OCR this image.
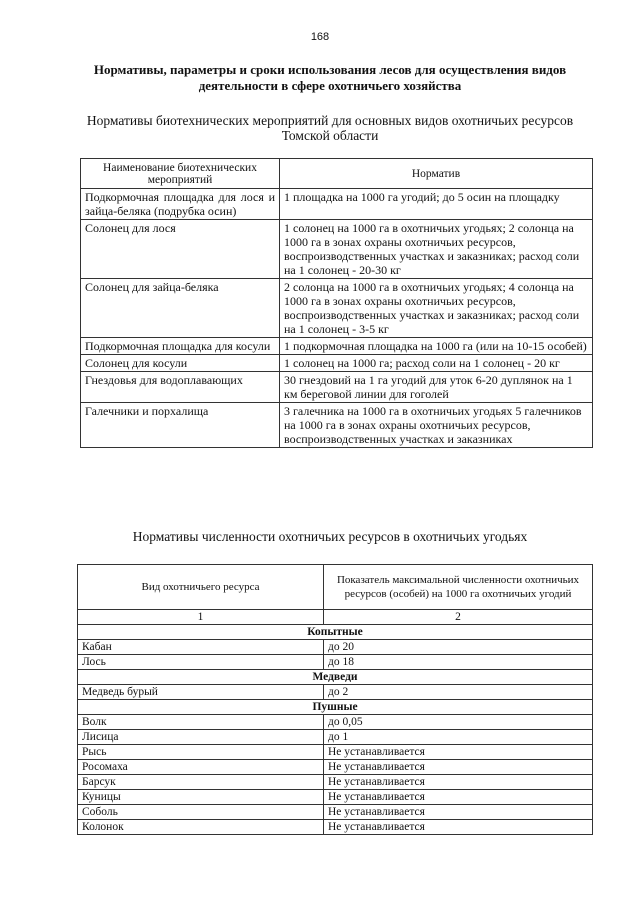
168
Нормативы, параметры и сроки использования лесов для осуществления видов деятельности в сфере охотничьего хозяйства
Нормативы биотехнических мероприятий для основных видов охотничьих ресурсов Томской области
Наименование биотехнических мероприятий	Норматив
Подкормочная площадка для лося и зайца-беляка (подрубка осин)	1 площадка на 1000 га угодий; до 5 осин на площадку
Солонец для лося	1 солонец на 1000 га в охотничьих угодьях; 2 солонца на 1000 га в зонах охраны охотничьих ресурсов, воспроизводственных участках и заказниках; расход соли на 1 солонец - 20-30 кг
Солонец для зайца-беляка	2 солонца на 1000 га в охотничьих угодьях; 4 солонца на 1000 га в зонах охраны охотничьих ресурсов, воспроизводственных участках и заказниках; расход соли на 1 солонец - 3-5 кг
Подкормочная площадка для косули	1 подкормочная площадка на 1000 га (или на 10-15 особей)
Солонец для косули	1 солонец на 1000 га; расход соли на 1 солонец - 20 кг
Гнездовья для водоплавающих	30 гнездовий на 1 га угодий для уток 6-20 дуплянок на 1 км береговой линии для гоголей
Галечники и порхалища	3 галечника на 1000 га в охотничьих угодьях 5 галечников на 1000 га в зонах охраны охотничьих ресурсов, воспроизводственных участках и заказниках
Нормативы численности охотничьих ресурсов в охотничьих угодьях
Вид охотничьего ресурса	Показатель максимальной численности охотничьих ресурсов (особей) на 1000 га охотничьих угодий
1	2
Копытные	
Кабан	до 20
Лось	до 18
Медведи	
Медведь бурый	до 2
Пушные	
Волк	до 0,05
Лисица	до 1
Рысь	Не устанавливается
Росомаха	Не устанавливается
Барсук	Не устанавливается
Куницы	Не устанавливается
Соболь	Не устанавливается
Колонок	Не устанавливается
